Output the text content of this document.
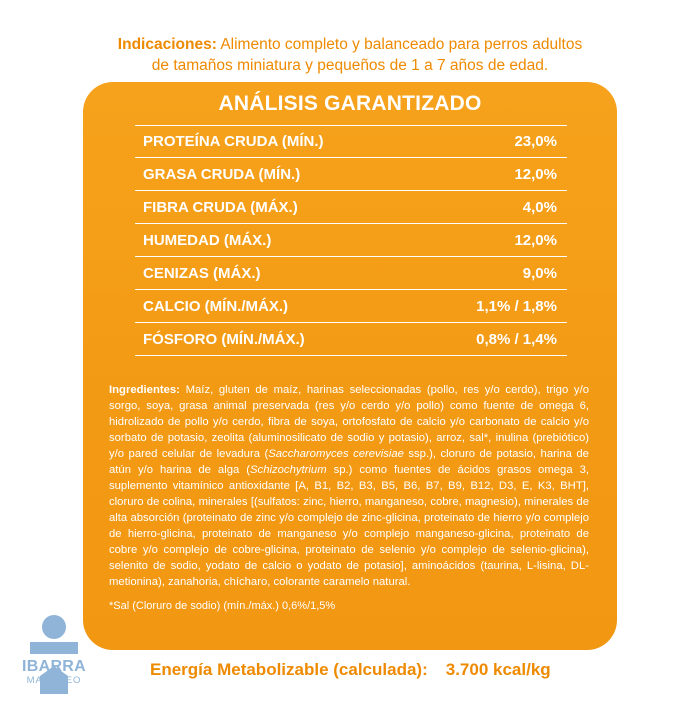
Indicaciones: Alimento completo y balanceado para perros adultos
de tamaños miniatura y pequeños de 1 a 7 años de edad.
ANÁLISIS GARANTIZADO
PROTEÍNA CRUDA (MÍN.)	23,0%
GRASA CRUDA (MÍN.)	12,0%
FIBRA CRUDA (MÁX.)	4,0%
HUMEDAD (MÁX.)	12,0%
CENIZAS (MÁX.)	9,0%
CALCIO (MÍN./MÁX.)	1,1% / 1,8%
FÓSFORO (MÍN./MÁX.)	0,8% / 1,4%
Ingredientes: Maíz, gluten de maíz, harinas seleccionadas (pollo, res y/o cerdo), trigo y/o sorgo, soya, grasa animal preservada (res y/o cerdo y/o pollo) como fuente de omega 6, hidrolizado de pollo y/o cerdo, fibra de soya, ortofosfato de calcio y/o carbonato de calcio y/o sorbato de potasio, zeolita (aluminosilicato de sodio y potasio), arroz, sal*, inulina (prebiótico) y/o pared celular de levadura (Saccharomyces cerevisiae ssp.), cloruro de potasio, harina de atún y/o harina de alga (Schizochytrium sp.) como fuentes de ácidos grasos omega 3, suplemento vitamínico antioxidante [A, B1, B2, B3, B5, B6, B7, B9, B12, D3, E, K3, BHT], cloruro de colina, minerales [(sulfatos: zinc, hierro, manganeso, cobre, magnesio), minerales de alta absorción (proteinato de zinc y/o complejo de zinc-glicina, proteinato de hierro y/o complejo de hierro-glicina, proteinato de manganeso y/o complejo manganeso-glicina, proteinato de cobre y/o complejo de cobre-glicina, proteinato de selenio y/o complejo de selenio-glicina), selenito de sodio, yodato de calcio o yodato de potasio], aminoácidos (taurina, L-lisina, DL-metionina), zanahoria, chícharo, colorante caramelo natural.
*Sal (Cloruro de sodio) (mín./máx.) 0,6%/1,5%
IBARRA
MAYOREO
Energía Metabolizable (calculada): 3.700 kcal/kg
